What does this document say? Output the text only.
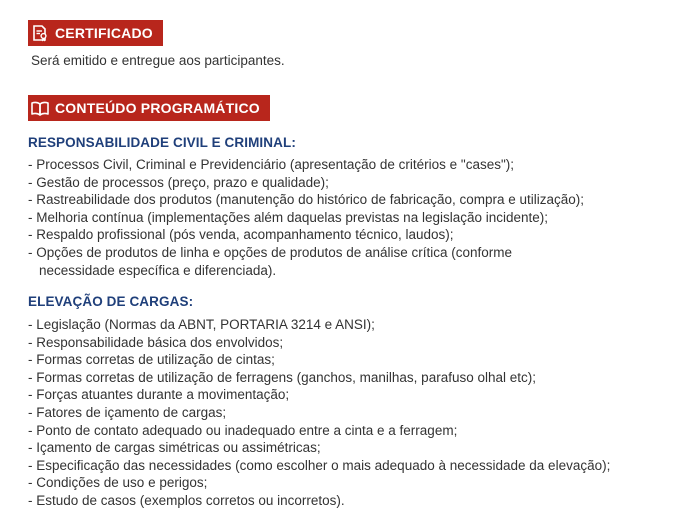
CERTIFICADO
Será emitido e entregue aos participantes.
CONTEÚDO PROGRAMÁTICO
RESPONSABILIDADE CIVIL E CRIMINAL:
- Processos Civil, Criminal e Previdenciário (apresentação de critérios e "cases");
- Gestão de processos (preço, prazo e qualidade);
- Rastreabilidade dos produtos (manutenção do histórico de fabricação, compra e utilização);
- Melhoria contínua (implementações além daquelas previstas na legislação incidente);
- Respaldo profissional (pós venda, acompanhamento técnico, laudos);
- Opções de produtos de linha e opções de produtos de análise crítica (conforme necessidade específica e diferenciada).
ELEVAÇÃO DE CARGAS:
- Legislação (Normas da ABNT, PORTARIA 3214 e ANSI);
- Responsabilidade básica dos envolvidos;
- Formas corretas de utilização de cintas;
- Formas corretas de utilização de ferragens (ganchos, manilhas, parafuso olhal etc);
- Forças atuantes durante a movimentação;
- Fatores de içamento de cargas;
- Ponto de contato adequado ou inadequado entre a cinta e a ferragem;
- Içamento de cargas simétricas ou assimétricas;
- Especificação das necessidades (como escolher o mais adequado à necessidade da elevação);
- Condições de uso e perigos;
- Estudo de casos (exemplos corretos ou incorretos).
